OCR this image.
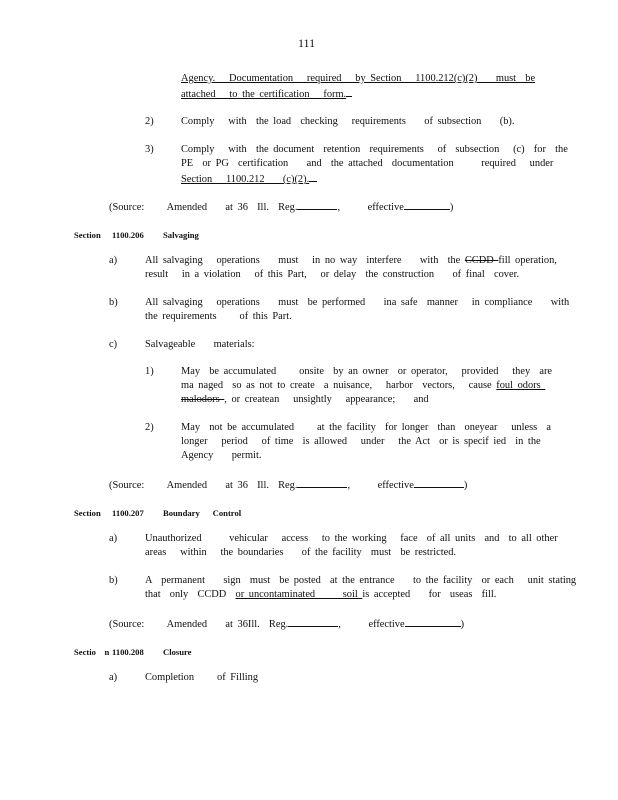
111
Agency.   Documentation   required   by Section   1100.212(c)(2)    must  be
attached   to the certification   form.
2)	Comply   with  the load  checking   requirements    of subsection    (b).
3)	Comply   with  the document  retention  requirements   of  subsection   (c)  for  the
PE  or PG  certification    and  the attached  documentation      required   under
Section   1100.212    (c)(2).
(Source: Amended    at 36  Ill.  Reg.	,      effective	)
Section 1100.206 Salvaging
a)	All salvaging   operations    must   in no way  interfere    with  the CCDD fill operation,
result   in a violation   of this Part,   or delay  the construction    of final  cover.
b)	All salvaging   operations    must  be performed    ina safe  manner   in compliance    with
the requirements     of this Part.
c)	Salvageable    materials:
1)	May  be accumulated     onsite  by an owner  or operator,   provided   they  are
ma naged  so as not to create  a nuisance,   harbor  vectors,   cause foul odors
malodors , or createan   unsightly   appearance;    and
2)	May  not be accumulated     at the facility  for longer  than  oneyear   unless  a
longer   period   of time  is allowed   under   the Act  or is specif ied  in the
Agency    permit.
(Source: Amended    at 36  Ill.  Reg.	,      effective	)
Section 1100.207 Boundary      Control
a)	Unauthorized      vehicular   access   to the working   face  of all units  and  to all other
areas   within   the boundaries    of the facility  must  be restricted.
b)	A  permanent    sign  must  be posted  at the entrance    to the facility  or each   unit stating
that  only  CCDD  or uncontaminated      soil is accepted    for  useas  fill.
(Source: Amended    at 36Ill.  Reg.	,      effective	)
Sectio    n 1100.208 Closure
a)	Completion     of Filling
